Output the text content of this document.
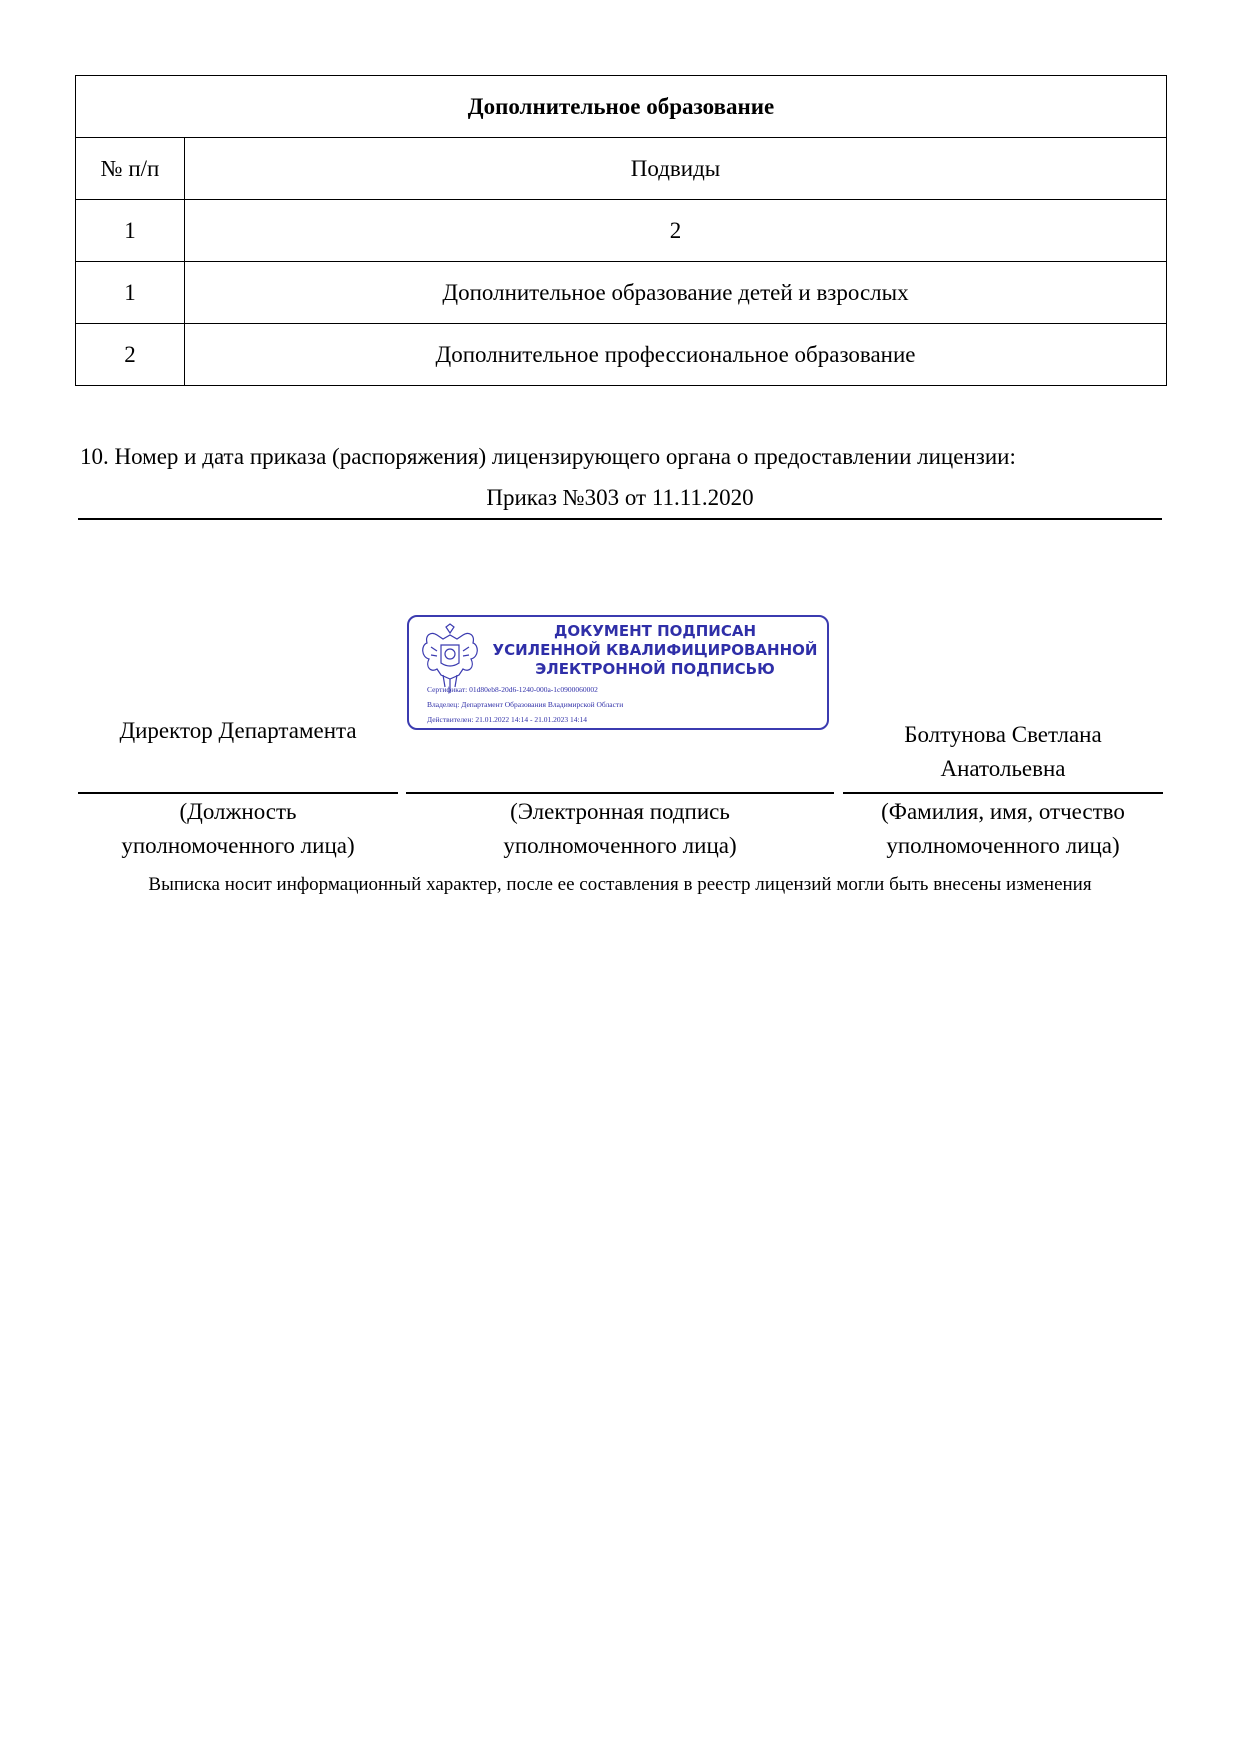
Дополнительное образование	
№ п/п	Подвиды
1	2
1	Дополнительное образование детей и взрослых
2	Дополнительное профессиональное образование
10. Номер и дата приказа (распоряжения) лицензирующего органа о предоставлении лицензии:
Приказ №303 от 11.11.2020
ДОКУМЕНТ ПОДПИСАН
УСИЛЕННОЙ КВАЛИФИЦИРОВАННОЙ
ЭЛЕКТРОННОЙ ПОДПИСЬЮ
Сертификат: 01d80eb8-20d6-1240-000a-1c0900060002
Владелец: Департамент Образования Владимирской Области
Действителен: 21.01.2022 14:14 - 21.01.2023 14:14
Директор Департамента	Болтунова Светлана
Анатольевна
(Должность
уполномоченного лица)
(Электронная подпись
уполномоченного лица)
(Фамилия, имя, отчество
уполномоченного лица)
Выписка носит информационный характер, после ее составления в реестр лицензий могли быть внесены изменения
